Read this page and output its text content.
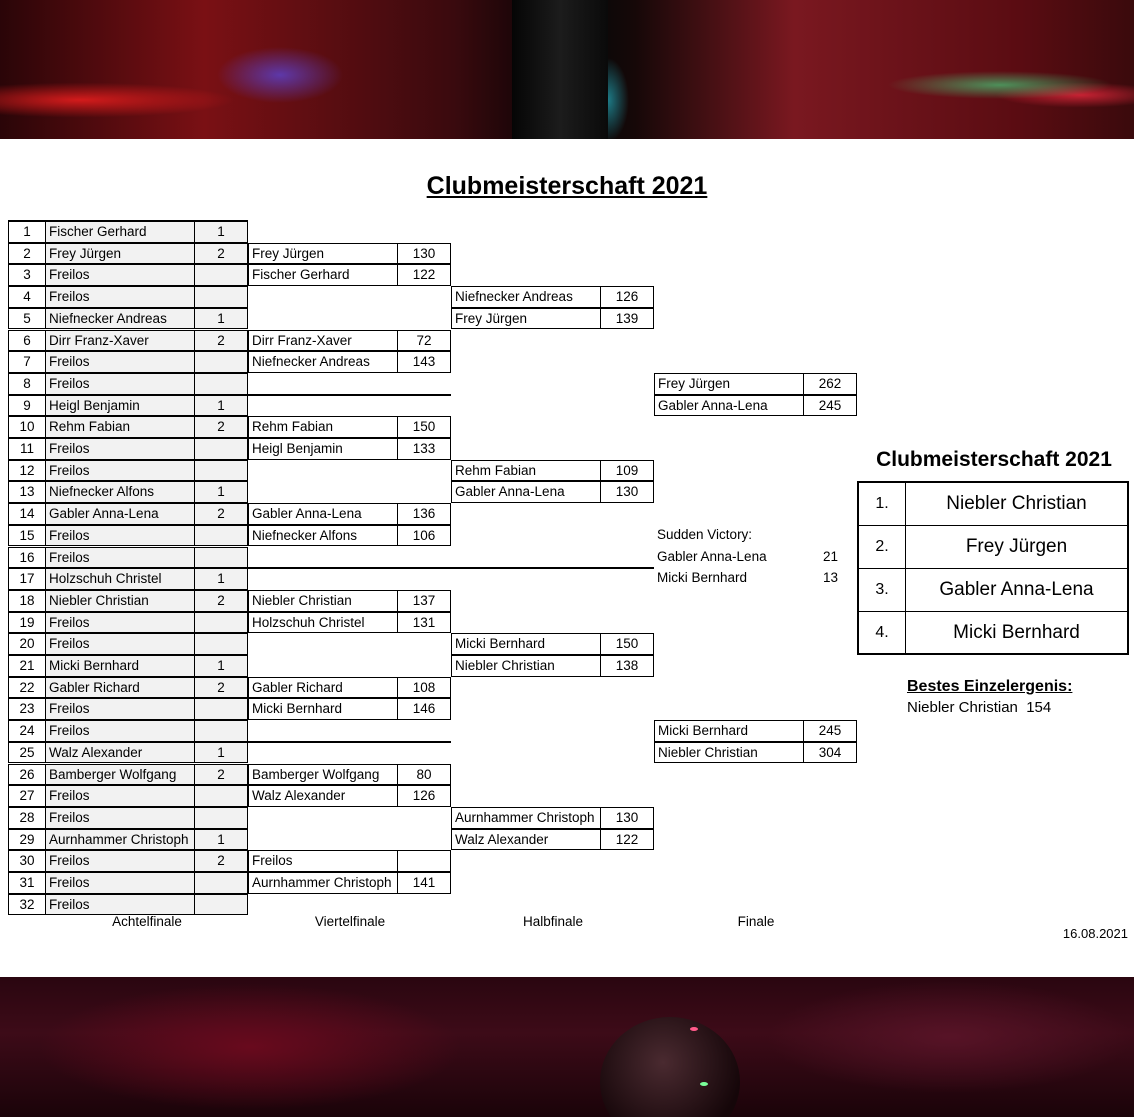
Clubmeisterschaft 2021
1	Fischer Gerhard	1
2	Frey Jürgen	2
3	Freilos
4	Freilos
5	Niefnecker Andreas	1
6	Dirr Franz-Xaver	2
7	Freilos
8	Freilos
9	Heigl Benjamin	1
10	Rehm Fabian	2
11	Freilos
12	Freilos
13	Niefnecker Alfons	1
14	Gabler Anna-Lena	2
15	Freilos
16	Freilos
17	Holzschuh Christel	1
18	Niebler Christian	2
19	Freilos
20	Freilos
21	Micki Bernhard	1
22	Gabler Richard	2
23	Freilos
24	Freilos
25	Walz Alexander	1
26	Bamberger Wolfgang	2
27	Freilos
28	Freilos
29	Aurnhammer Christoph	1
30	Freilos	2
31	Freilos
32	Freilos
Frey Jürgen	130
Fischer Gerhard	122
Dirr Franz-Xaver	72
Niefnecker Andreas	143
Rehm Fabian	150
Heigl Benjamin	133
Gabler Anna-Lena	136
Niefnecker Alfons	106
Niebler Christian	137
Holzschuh Christel	131
Gabler Richard	108
Micki Bernhard	146
Bamberger Wolfgang	80
Walz Alexander	126
Freilos
Aurnhammer Christoph	141
Niefnecker Andreas	126
Frey Jürgen	139
Rehm Fabian	109
Gabler Anna-Lena	130
Micki Bernhard	150
Niebler Christian	138
Aurnhammer Christoph	130
Walz Alexander	122
Frey Jürgen	262
Gabler Anna-Lena	245
Micki Bernhard	245
Niebler Christian	304
Achtelfinale	Viertelfinale	Halbfinale	Finale
Sudden Victory:
Gabler Anna-Lena	21
Micki Bernhard	13
Clubmeisterschaft 2021
1.	Niebler Christian
2.	Frey Jürgen
3.	Gabler Anna-Lena
4.	Micki Bernhard
Bestes Einzelergenis:
Niebler Christian 154
16.08.2021
